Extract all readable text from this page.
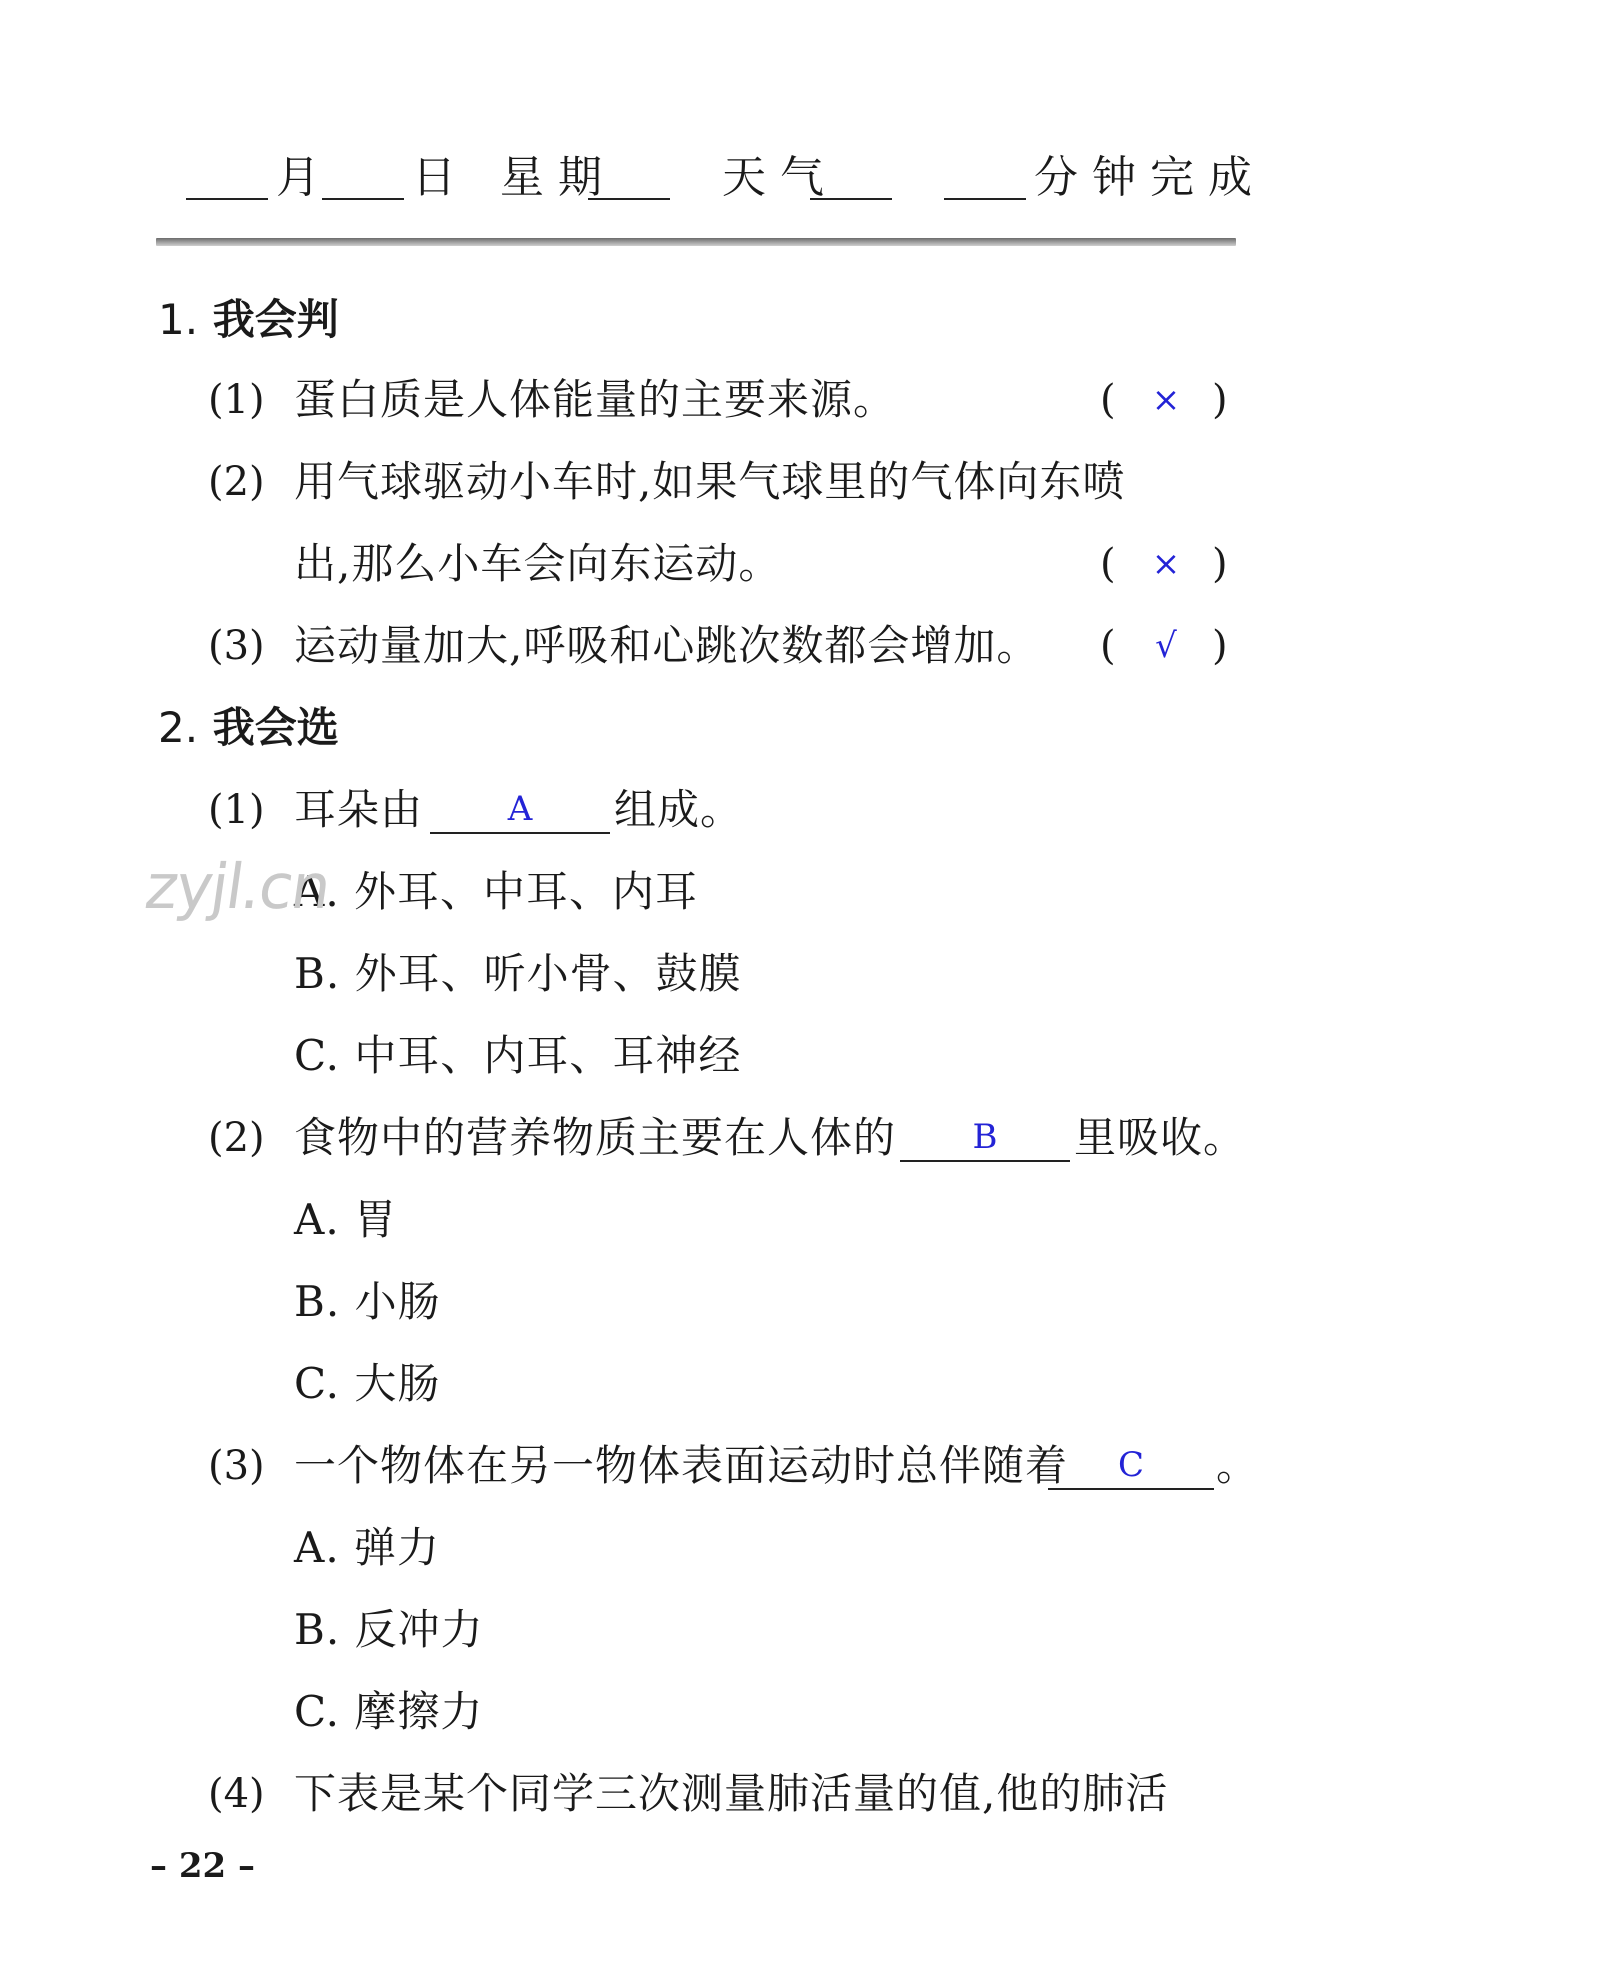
月 日 星期 天气	分钟完成
1. 我会判
(1) 蛋白质是人体能量的主要来源。	(	× )
(2) 用气球驱动小车时,如果气球里的气体向东喷
出,那么小车会向东运动。	(	× )
(3) 运动量加大,呼吸和心跳次数都会增加。 (	√ )
2. 我会选
(1) 耳朵由	A	组成。
A. 外耳、中耳、内耳
B. 外耳、听小骨、鼓膜
C. 中耳、内耳、耳神经
(2) 食物中的营养物质主要在人体的	B	里吸收。
A. 胃
B. 小肠
C. 大肠
(3) 一个物体在另一物体表面运动时总伴随着	C	。
A. 弹力
B. 反冲力
C. 摩擦力
(4) 下表是某个同学三次测量肺活量的值,他的肺活
zyjl.cn
– 22 –
